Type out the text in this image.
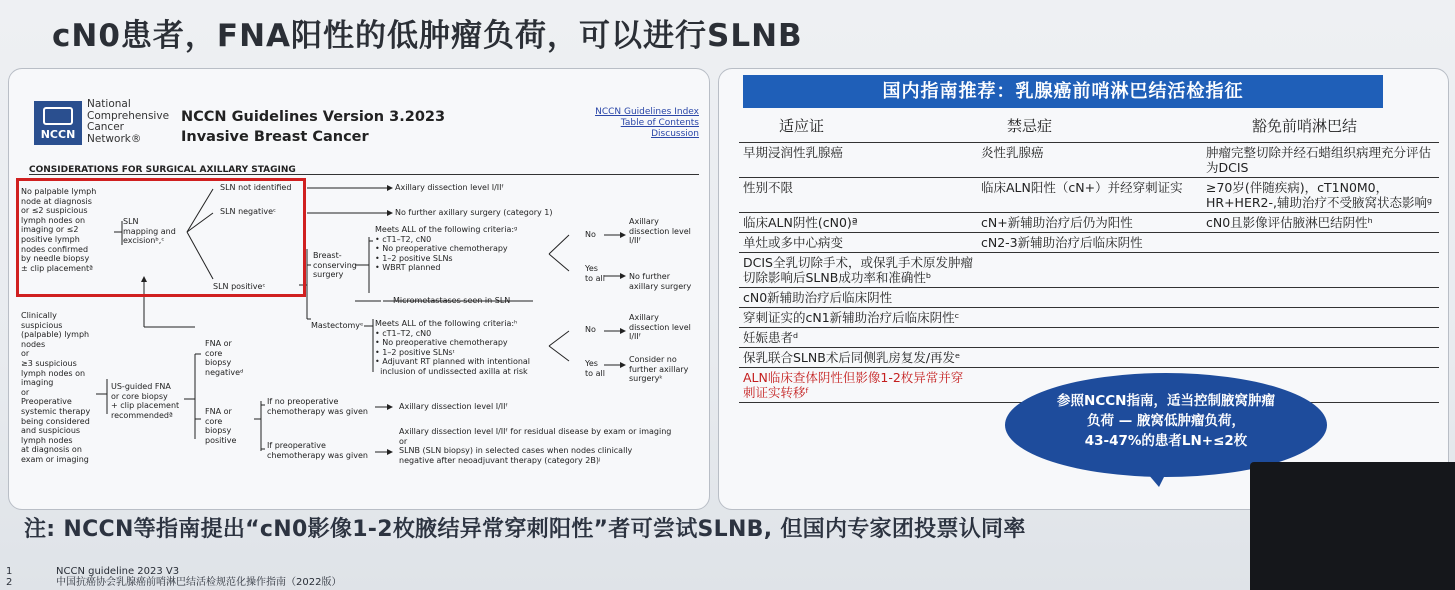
cN0患者，FNA阳性的低肿瘤负荷，可以进行SLNB
NCCN
National
Comprehensive
Cancer
Network®
NCCN Guidelines Version 3.2023
Invasive Breast Cancer
NCCN Guidelines Index
Table of Contents
Discussion
CONSIDERATIONS FOR SURGICAL AXILLARY STAGING
No palpable lymph
node at diagnosis
or ≤2 suspicious
lymph nodes on
imaging or ≤2
positive lymph
nodes confirmed
by needle biopsy
± clip placementª
SLN
mapping and
excisionᵇ,ᶜ
SLN not identified
SLN negativeᶜ
SLN positiveᶜ
Axillary dissection level I/IIᶠ
No further axillary surgery (category 1)
Breast-
conserving
surgery
Meets ALL of the following criteria:ᵍ
• cT1–T2, cN0
• No preoperative chemotherapy
• 1–2 positive SLNs
• WBRT planned
No
Yes
to all
Axillary
dissection level
I/IIᶠ
No further
axillary surgery
Micrometastases seen in SLN
Mastectomyᵉ Meets ALL of the following criteria:ʰ
• cT1–T2, cN0
• No preoperative chemotherapy
• 1–2 positive SLNsᶦ
• Adjuvant RT planned with intentional
inclusion of undissected axilla at risk
No
Yes
to all
Axillary
dissection level
I/IIᶠ
Consider no
further axillary
surgeryᵏ
Clinically
suspicious
(palpable) lymph
nodes
or
≥3 suspicious
lymph nodes on
imaging
or
Preoperative
systemic therapy
being considered
and suspicious
lymph nodes
at diagnosis on
exam or imaging
US-guided FNA
or core biopsy
+ clip placement
recommendedª
FNA or
core
biopsy
negativeᵈ
FNA or
core
biopsy
positive
If no preoperative
chemotherapy was given
If preoperative
chemotherapy was given
Axillary dissection level I/IIᶠ
Axillary dissection level I/IIᶠ for residual disease by exam or imaging
or
SLNB (SLN biopsy) in selected cases when nodes clinically
negative after neoadjuvant therapy (category 2B)ʲ
国内指南推荐：乳腺癌前哨淋巴结活检指征
适应证	禁忌症	豁免前哨淋巴结
早期浸润性乳腺癌	炎性乳腺癌	肿瘤完整切除并经石蜡组织病理充分评估为DCIS
性别不限	临床ALN阳性（cN+）并经穿刺证实	≥70岁(伴随疾病)，cT1N0M0，HR+HER2-,辅助治疗不受腋窝状态影响ᵍ
临床ALN阴性(cN0)ª	cN+新辅助治疗后仍为阳性	cN0且影像评估腋淋巴结阴性ʰ
单灶或多中心病变	cN2-3新辅助治疗后临床阴性	
DCIS全乳切除手术，或保乳手术原发肿瘤切除影响后SLNB成功率和准确性ᵇ		
cN0新辅助治疗后临床阴性		
穿刺证实的cN1新辅助治疗后临床阴性ᶜ		
妊娠患者ᵈ		
保乳联合SLNB术后同侧乳房复发/再发ᵉ		
ALN临床查体阴性但影像1-2枚异常并穿刺证实转移ᶠ		
参照NCCN指南，适当控制腋窝肿瘤
负荷 — 腋窝低肿瘤负荷，
43-47%的患者LN+≤2枚
注: NCCN等指南提出“cN0影像1-2枚腋结异常穿刺阳性”者可尝试SLNB, 但国内专家团投票认同率
1	NCCN guideline 2023 V3
2	中国抗癌协会乳腺癌前哨淋巴结活检规范化操作指南（2022版）
